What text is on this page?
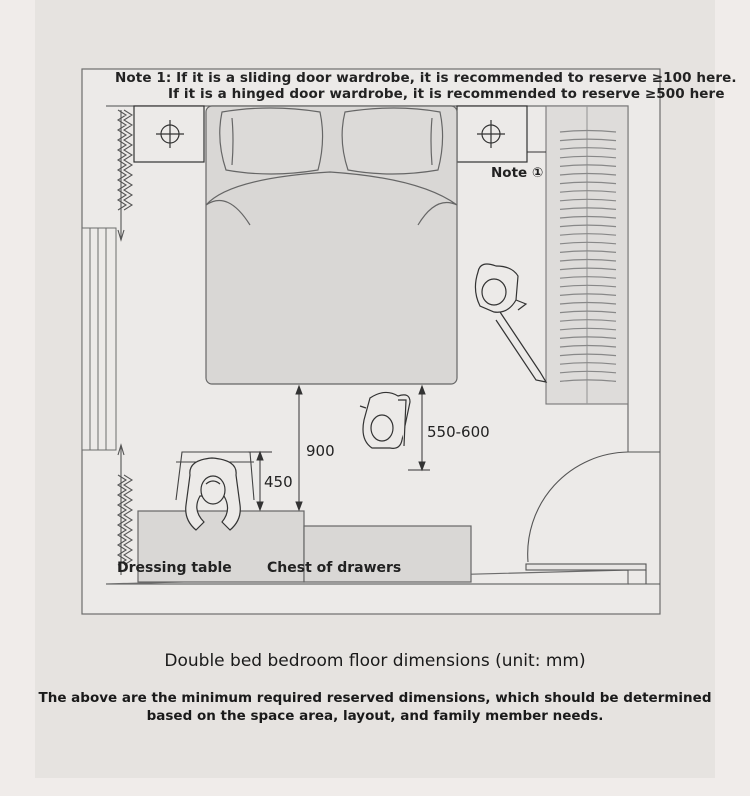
Note 1: If it is a sliding door wardrobe, it is recommended to reserve ≥100 here.
If it is a hinged door wardrobe, it is recommended to reserve ≥500 here
Note ①
900
550-600
450
Dressing table	Chest of drawers
Double bed bedroom floor dimensions (unit: mm)
The above are the minimum required reserved dimensions, which should be determined based on the space area, layout, and family member needs.
